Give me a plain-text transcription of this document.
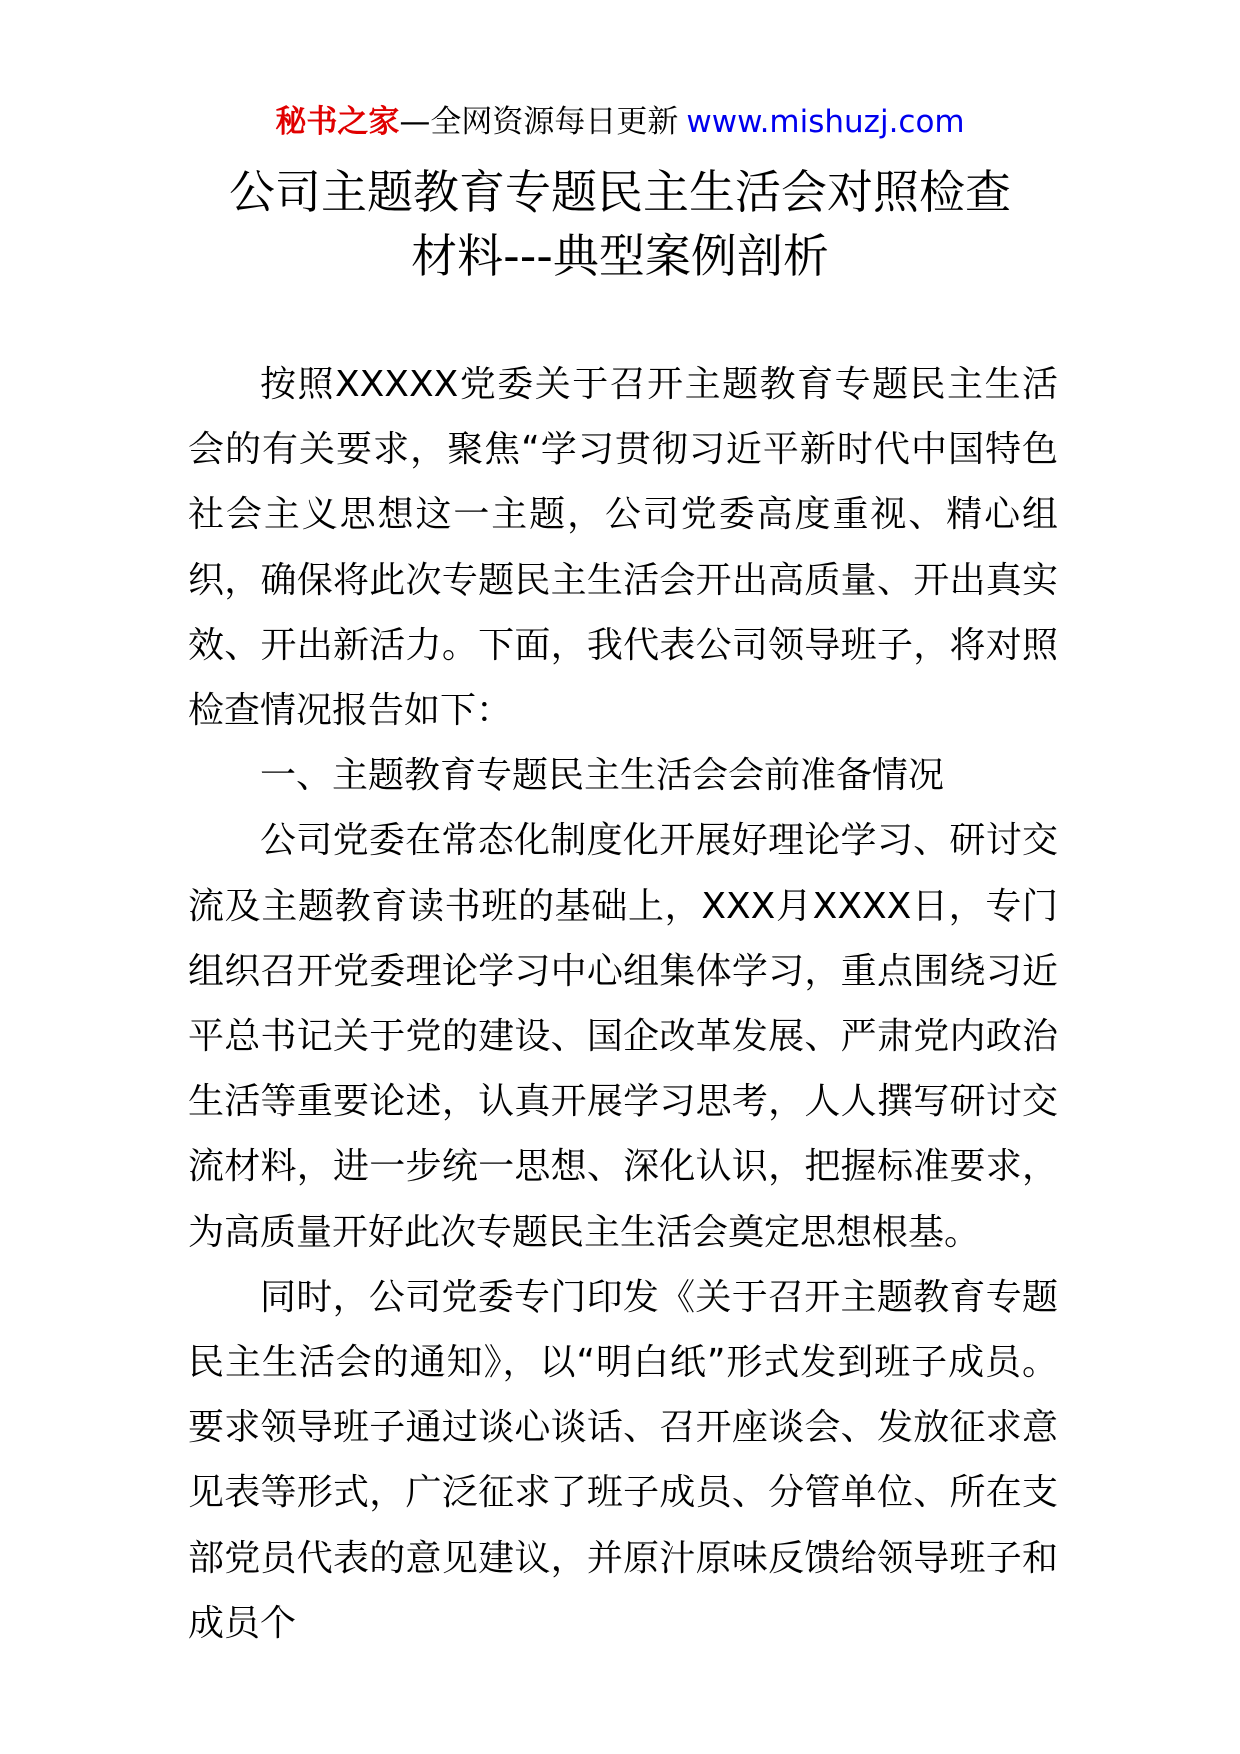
秘书之家—全网资源每日更新 www.mishuzj.com
公司主题教育专题民主生活会对照检查
材料---典型案例剖析

按照XXXXX党委关于召开主题教育专题民主生活会的有关要求，聚焦“学习贯彻习近平新时代中国特色社会主义思想这一主题，公司党委高度重视、精心组织，确保将此次专题民主生活会开出高质量、开出真实效、开出新活力。下面，我代表公司领导班子，将对照检查情况报告如下：

一、主题教育专题民主生活会会前准备情况

公司党委在常态化制度化开展好理论学习、研讨交流及主题教育读书班的基础上，XXX月XXXX日，专门组织召开党委理论学习中心组集体学习，重点围绕习近平总书记关于党的建设、国企改革发展、严肃党内政治生活等重要论述，认真开展学习思考，人人撰写研讨交流材料，进一步统一思想、深化认识，把握标准要求，为高质量开好此次专题民主生活会奠定思想根基。

同时，公司党委专门印发《关于召开主题教育专题民主生活会的通知》，以“明白纸”形式发到班子成员。要求领导班子通过谈心谈话、召开座谈会、发放征求意见表等形式，广泛征求了班子成员、分管单位、所在支部党员代表的意见建议，并原汁原味反馈给领导班子和成员个
